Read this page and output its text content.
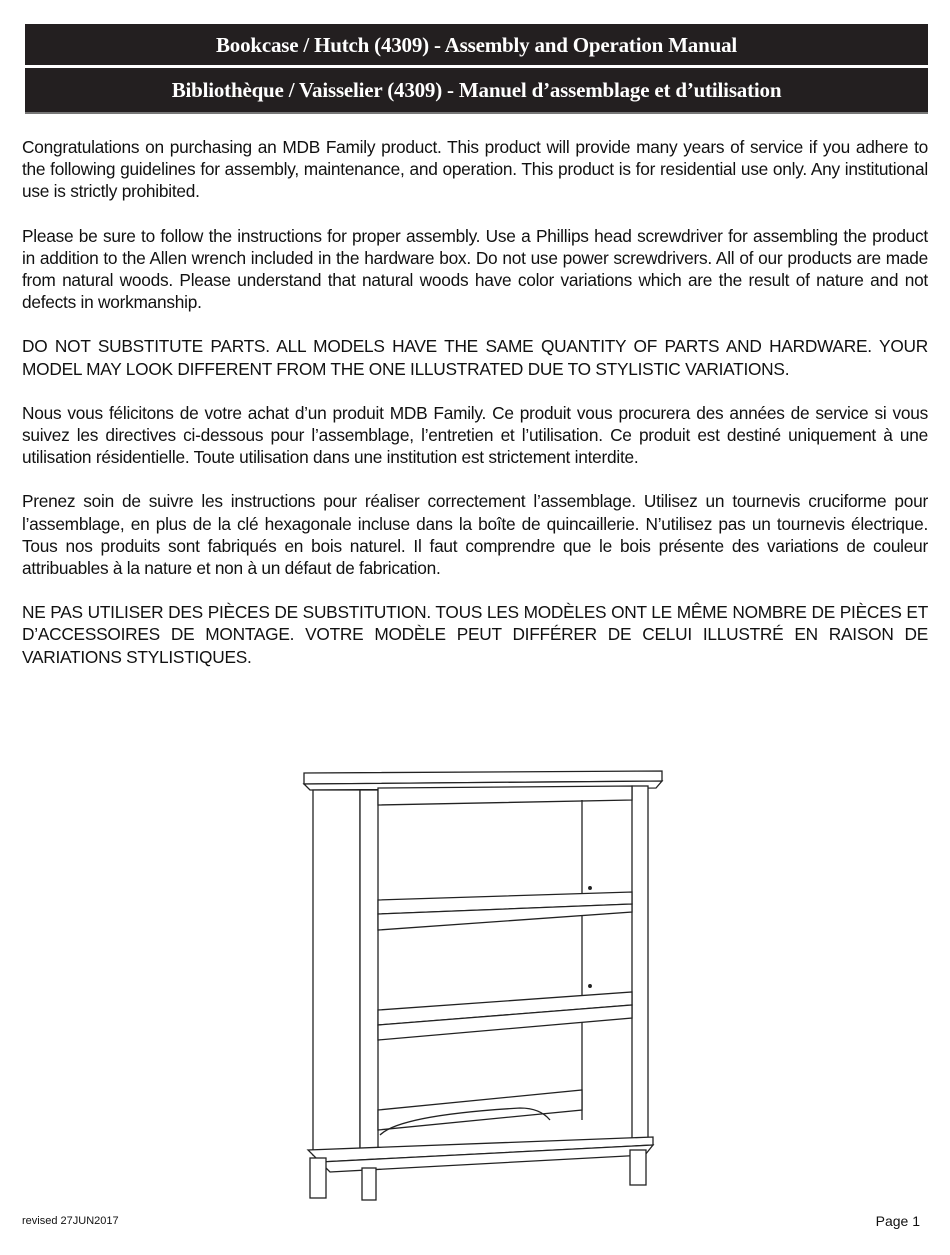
Bookcase / Hutch (4309) - Assembly and Operation Manual
Bibliothèque / Vaisselier (4309) - Manuel d’assemblage et d’utilisation

Congratulations on purchasing an MDB Family product. This product will provide many years of service if you adhere to the following guidelines for assembly, maintenance, and operation. This product is for residential use only. Any institutional use is strictly prohibited.

Please be sure to follow the instructions for proper assembly. Use a Phillips head screwdriver for assembling the product in addition to the Allen wrench included in the hardware box. Do not use power screwdrivers. All of our products are made from natural woods. Please understand that natural woods have color variations which are the result of nature and not defects in workmanship.

DO NOT SUBSTITUTE PARTS. ALL MODELS HAVE THE SAME QUANTITY OF PARTS AND HARDWARE. YOUR MODEL MAY LOOK DIFFERENT FROM THE ONE ILLUSTRATED DUE TO STYLISTIC VARIATIONS.

Nous vous félicitons de votre achat d’un produit MDB Family. Ce produit vous procurera des années de service si vous suivez les directives ci-dessous pour l’assemblage, l’entretien et l’utilisation. Ce produit est destiné uniquement à une utilisation résidentielle. Toute utilisation dans une institution est strictement interdite.

Prenez soin de suivre les instructions pour réaliser correctement l’assemblage. Utilisez un tournevis cruciforme pour l’assemblage, en plus de la clé hexagonale incluse dans la boîte de quincaillerie. N’utilisez pas un tournevis électrique. Tous nos produits sont fabriqués en bois naturel. Il faut comprendre que le bois présente des variations de couleur attribuables à la nature et non à un défaut de fabrication.

NE PAS UTILISER DES PIÈCES DE SUBSTITUTION. TOUS LES MODÈLES ONT LE MÊME NOMBRE DE PIÈCES ET D’ACCESSOIRES DE MONTAGE. VOTRE MODÈLE PEUT DIFFÉRER DE CELUI ILLUSTRÉ EN RAISON DE VARIATIONS STYLISTIQUES.

revised 27JUN2017	Page 1
